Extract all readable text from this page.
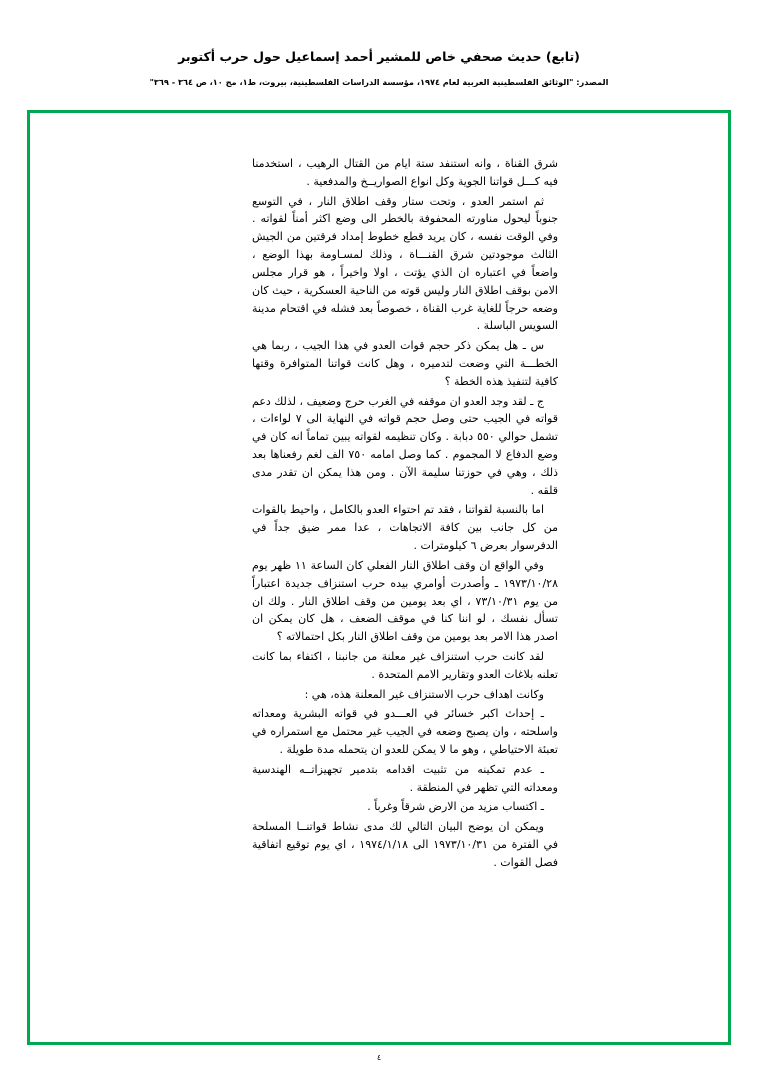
(تابع) حديث صحفي خاص للمشير أحمد إسماعيل حول حرب أكتوبر
المصدر: "الوثائق الفلسطينية العربية لعام ١٩٧٤، مؤسسة الدراسات الفلسطينية، بيروت، ط١، مج ١٠، ص ٣٦٤ - ٣٦٩"

شرق القناة ، وانه استنفد ستة ايام من القتال الرهيب ، استخدمنا فيه كـــل قواتنا الجوية وكل انواع الصواريــخ والمدفعية .

ثم استمر العدو ، وتحت ستار وقف اطلاق النار ، في التوسع جنوباً ليحول مناورته المحفوفة بالخطر الى وضع اكثر أمناً لقواته . وفي الوقت نفسه ، كان يريد قطع خطوط إمداد فرقتين من الجيش الثالث موجودتين شرق القنـــاة ، وذلك لمسـاومة بهذا الوضع ، واضعاً في اعتباره ان الذي يؤتت ، اولا واخيراً ، هو قرار مجلس الامن بوقف اطلاق النار وليس قوته من الناحية العسكرية ، حيث كان وضعه حرجاً للغاية غرب القناة ، خصوصاً بعد فشله في اقتحام مدينة السويس الباسلة .

س ـ هل يمكن ذكر حجم قوات العدو في هذا الجيب ، ربما هي الخطـــة التي وضعت لتدميره ، وهل كانت قواتنا المتوافرة وقتها كافية لتنفيذ هذه الخطة ؟

ج ـ لقد وجد العدو ان موقفه في الغرب حرج وضعيف ، لذلك دعم قواته في الجيب حتى وصل حجم قواته في النهاية الى ٧ لواءات ، تشمل حوالي ٥٥٠ دبابة . وكان تنظيمه لقواته يبين تماماً انه كان في وضع الدفاع لا المجموم . كما وصل امامه ٧٥٠ الف لغم رفعناها بعد ذلك ، وهي في حوزتنا سليمة الآن . ومن هذا يمكن ان تقدر مدى قلقه .

اما بالنسبة لقواتنا ، فقد تم احتواء العدو بالكامل ، واحيط بالقوات من كل جانب بين كافة الاتجاهات ، عدا ممر ضيق جداً في الدفرسوار بعرض ٦ كيلومترات .

وفي الواقع ان وقف اطلاق النار الفعلي كان الساعة ١١ ظهر يوم ١٩٧٣/١٠/٢٨ ـ وأصدرت أوامري بيده حرب استنزاف جديدة اعتباراً من يوم ٧٣/١٠/٣١ ، اي بعد يومين من وقف اطلاق النار . ولك ان تسأل نفسك ، لو اننا كنا في موقف الضعف ، هل كان يمكن ان اصدر هذا الامر بعد يومين من وقف اطلاق النار بكل احتمالاته ؟

لقد كانت حرب استنزاف غير معلنة من جانبنا ، اكتفاء بما كانت تعلنه بلاغات العدو وتقارير الامم المتحدة .

وكانت اهداف حرب الاستنزاف غير المعلنة هذه، هي :

ـ إحداث اكبر خسائر في العـــدو في قواته البشرية ومعداته واسلحته ، وان يصبح وضعه في الجيب غير محتمل مع استمراره في تعبئة الاحتياطي ، وهو ما لا يمكن للعدو ان يتحمله مدة طويلة .

ـ عدم تمكينه من تثبيت اقدامه بتدمير تجهيزاتــه الهندسية ومعداته التي تظهر في المنطقة .

ـ اكتساب مزيد من الارض شرقاً وغرباً .

ويمكن ان يوضح البيان التالي لك مدى نشاط قواتنــا المسلحة في الفترة من ١٩٧٣/١٠/٣١ الى ١٩٧٤/١/١٨ ، اي يوم توقيع اتفاقية فصل القوات .

٤
